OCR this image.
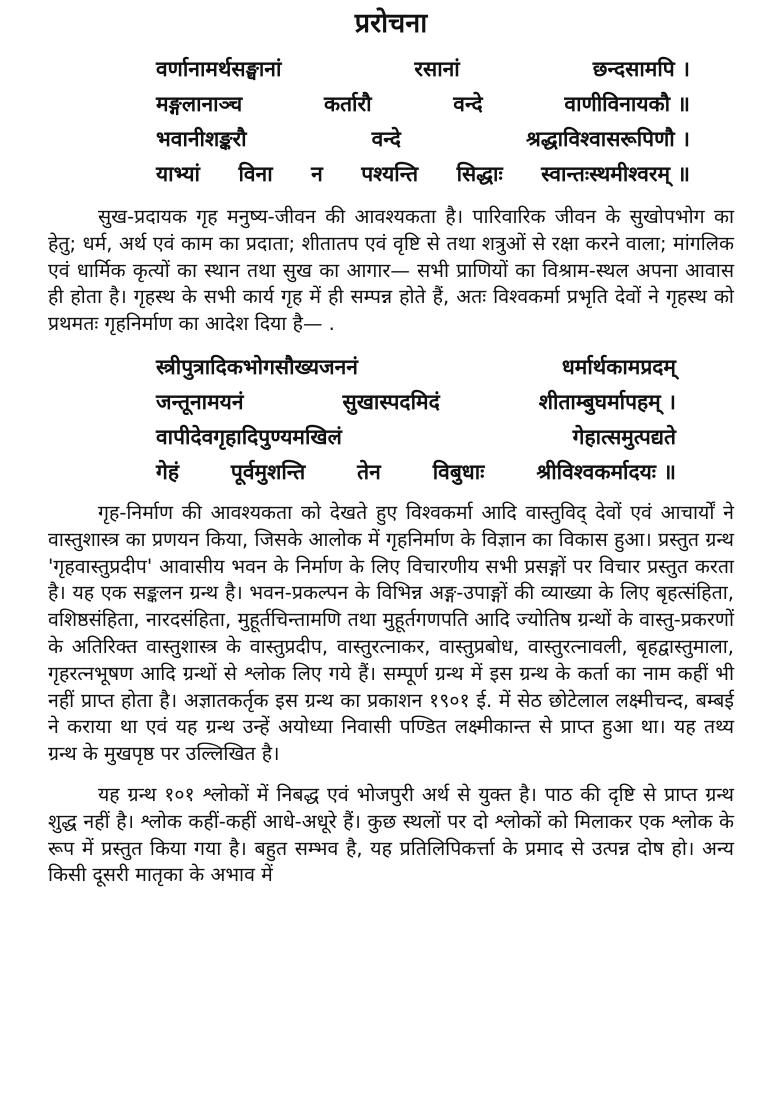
प्ररोचना
वर्णानामर्थसङ्घानां	रसानां	छन्दसामपि ।
मङ्गलानाञ्च	कर्तारौ	वन्दे	वाणीविनायकौ ॥
भवानीशङ्करौ	वन्दे	श्रद्धाविश्वासरूपिणौ ।
याभ्यां विना न पश्यन्ति सिद्धाः स्वान्तःस्थमीश्वरम् ॥

सुख-प्रदायक गृह मनुष्य-जीवन की आवश्यकता है। पारिवारिक जीवन के सुखोपभोग का हेतु; धर्म, अर्थ एवं काम का प्रदाता; शीतातप एवं वृष्टि से तथा शत्रुओं से रक्षा करने वाला; मांगलिक एवं धार्मिक कृत्यों का स्थान तथा सुख का आगार— सभी प्राणियों का विश्राम-स्थल अपना आवास ही होता है। गृहस्थ के सभी कार्य गृह में ही सम्पन्न होते हैं, अतः विश्वकर्मा प्रभृति देवों ने गृहस्थ को प्रथमतः गृहनिर्माण का आदेश दिया है— .

स्त्रीपुत्रादिकभोगसौख्यजननं	धर्मार्थकामप्रदम्
जन्तूनामयनं	सुखास्पदमिदं	शीताम्बुघर्मापहम् ।
वापीदेवगृहादिपुण्यमखिलं	गेहात्समुत्पद्यते
गेहं पूर्वमुशन्ति तेन विबुधाः श्रीविश्वकर्मादयः ॥

गृह-निर्माण की आवश्यकता को देखते हुए विश्वकर्मा आदि वास्तुविद् देवों एवं आचार्यों ने वास्तुशास्त्र का प्रणयन किया, जिसके आलोक में गृहनिर्माण के विज्ञान का विकास हुआ। प्रस्तुत ग्रन्थ 'गृहवास्तुप्रदीप' आवासीय भवन के निर्माण के लिए विचारणीय सभी प्रसङ्गों पर विचार प्रस्तुत करता है। यह एक सङ्कलन ग्रन्थ है। भवन-प्रकल्पन के विभिन्न अङ्ग-उपाङ्गों की व्याख्या के लिए बृहत्संहिता, वशिष्ठसंहिता, नारदसंहिता, मुहूर्तचिन्तामणि तथा मुहूर्तगणपति आदि ज्योतिष ग्रन्थों के वास्तु-प्रकरणों के अतिरिक्त वास्तुशास्त्र के वास्तुप्रदीप, वास्तुरत्नाकर, वास्तुप्रबोध, वास्तुरत्नावली, बृहद्वास्तुमाला, गृहरत्नभूषण आदि ग्रन्थों से श्लोक लिए गये हैं। सम्पूर्ण ग्रन्थ में इस ग्रन्थ के कर्ता का नाम कहीं भी नहीं प्राप्त होता है। अज्ञातकर्तृक इस ग्रन्थ का प्रकाशन १९०१ ई. में सेठ छोटेलाल लक्ष्मीचन्द, बम्बई ने कराया था एवं यह ग्रन्थ उन्हें अयोध्या निवासी पण्डित लक्ष्मीकान्त से प्राप्त हुआ था। यह तथ्य ग्रन्थ के मुखपृष्ठ पर उल्लिखित है।

यह ग्रन्थ १०१ श्लोकों में निबद्ध एवं भोजपुरी अर्थ से युक्त है। पाठ की दृष्टि से प्राप्त ग्रन्थ शुद्ध नहीं है। श्लोक कहीं-कहीं आधे-अधूरे हैं। कुछ स्थलों पर दो श्लोकों को मिलाकर एक श्लोक के रूप में प्रस्तुत किया गया है। बहुत सम्भव है, यह प्रतिलिपिकर्त्ता के प्रमाद से उत्पन्न दोष हो। अन्य किसी दूसरी मातृका के अभाव में
